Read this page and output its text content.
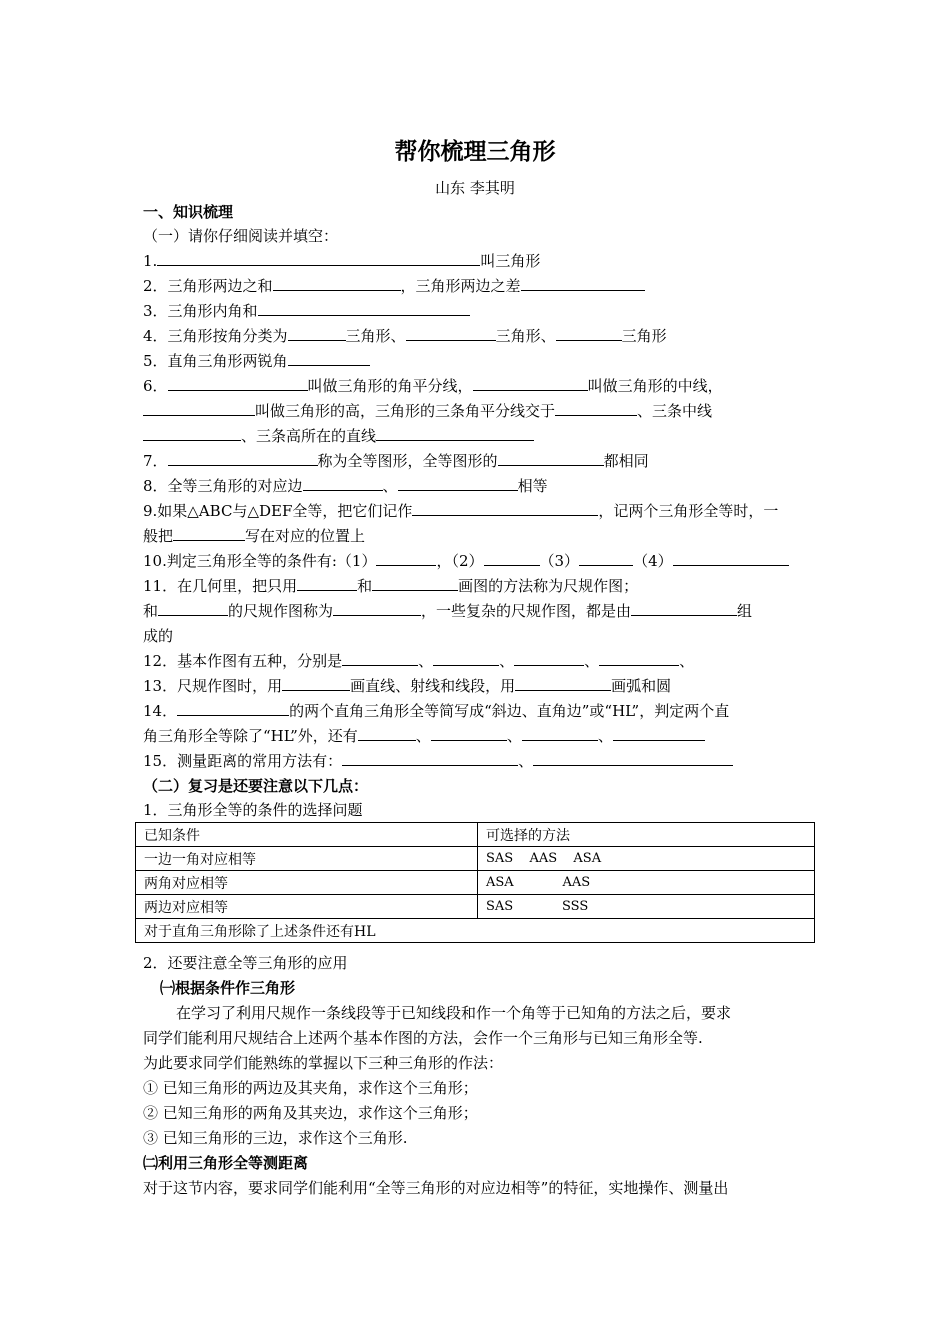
帮你梳理三角形
山东 李其明
一、知识梳理
（一）请你仔细阅读并填空：
1.	叫三角形
2．三角形两边之和	，三角形两边之差
3．三角形内角和
4．三角形按角分类为	三角形、	三角形、	三角形
5．直角三角形两锐角
6．	叫做三角形的角平分线，	叫做三角形的中线，
叫做三角形的高，三角形的三条角平分线交于	、三条中线
、三条高所在的直线
7．	称为全等图形，全等图形的	都相同
8．全等三角形的对应边	、	相等
9.如果△ABC与△DEF全等，把它们记作	，记两个三角形全等时，一
般把	写在对应的位置上
10.判定三角形全等的条件有:（1）	，（2）	（3）	（4）
11．在几何里，把只用	和	画图的方法称为尺规作图；
和	的尺规作图称为	，一些复杂的尺规作图，都是由	组
成的
12．基本作图有五种，分别是	、	、	、	、
13．尺规作图时，用	画直线、射线和线段，用	画弧和圆
14．	的两个直角三角形全等简写成“斜边、直角边”或“HL”，判定两个直
角三角形全等除了“HL”外，还有	、	、	、
15．测量距离的常用方法有：	、
（二）复习是还要注意以下几点：
1．三角形全等的条件的选择问题
已知条件	可选择的方法
一边一角对应相等	SAS  AAS  ASA
两角对应相等	ASA      AAS
两边对应相等	SAS      SSS
对于直角三角形除了上述条件还有HL	
2．还要注意全等三角形的应用
㈠根据条件作三角形
在学习了利用尺规作一条线段等于已知线段和作一个角等于已知角的方法之后，要求
同学们能利用尺规结合上述两个基本作图的方法，会作一个三角形与已知三角形全等.
为此要求同学们能熟练的掌握以下三种三角形的作法：
① 已知三角形的两边及其夹角，求作这个三角形；
② 已知三角形的两角及其夹边，求作这个三角形；
③ 已知三角形的三边，求作这个三角形.
㈡利用三角形全等测距离
对于这节内容，要求同学们能利用“全等三角形的对应边相等”的特征，实地操作、测量出
